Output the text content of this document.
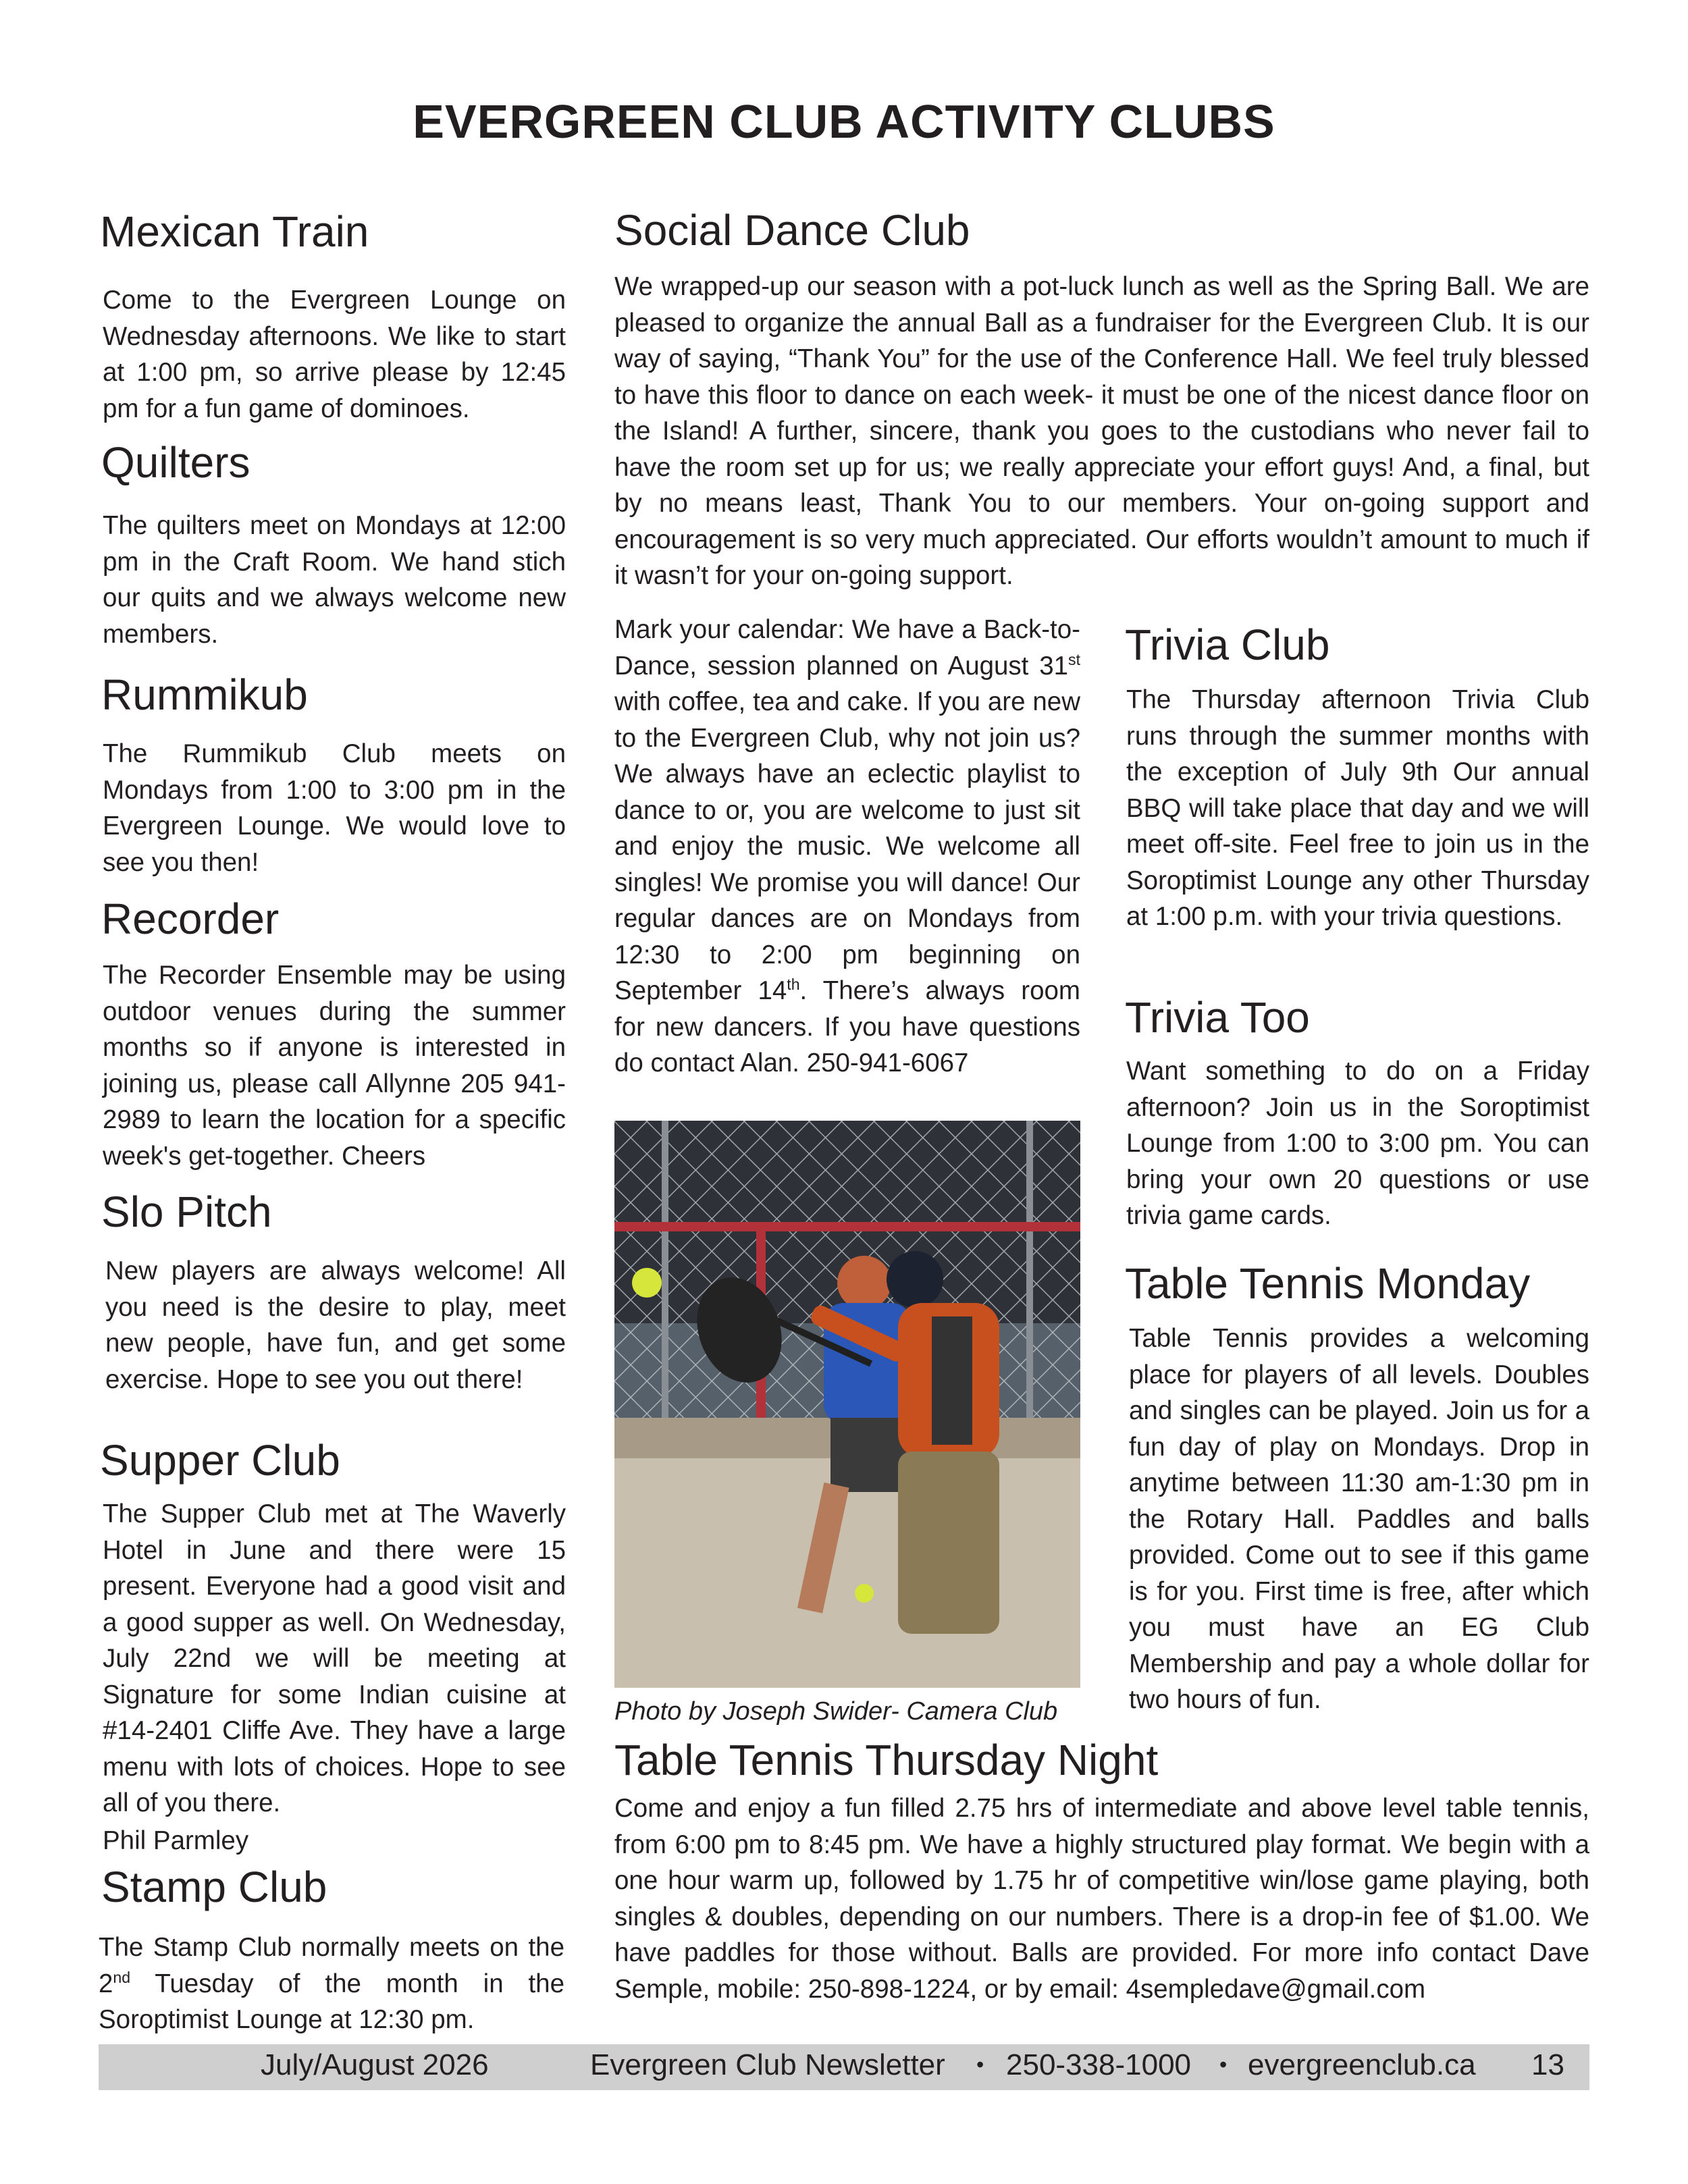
EVERGREEN CLUB ACTIVITY CLUBS
Mexican Train
Come to the Evergreen Lounge on Wednesday afternoons. We like to start at 1:00 pm, so arrive please by 12:45 pm for a fun game of dominoes.
Quilters
The quilters meet on Mondays at 12:00 pm in the Craft Room. We hand stich our quits and we always welcome new members.
Rummikub
The Rummikub Club meets on Mondays from 1:00 to 3:00 pm in the Evergreen Lounge. We would love to see you then!
Recorder
The Recorder Ensemble may be using outdoor venues during the summer months so if anyone is interested in joining us, please call Allynne 205 941-2989 to learn the location for a specific week's get-together. Cheers
Slo Pitch
New players are always welcome! All you need is the desire to play, meet new people, have fun, and get some exercise. Hope to see you out there!
Supper Club
The Supper Club met at The Waverly Hotel in June and there were 15 present. Everyone had a good visit and a good supper as well. On Wednesday, July 22nd we will be meeting at Signature for some Indian cuisine at #14-2401 Cliffe Ave. They have a large menu with lots of choices. Hope to see all of you there.
Phil Parmley
Stamp Club
The Stamp Club normally meets on the 2nd Tuesday of the month in the Soroptimist Lounge at 12:30 pm.
Social Dance Club
We wrapped-up our season with a pot-luck lunch as well as the Spring Ball. We are pleased to organize the annual Ball as a fundraiser for the Evergreen Club. It is our way of saying, “Thank You” for the use of the Conference Hall. We feel truly blessed to have this floor to dance on each week- it must be one of the nicest dance floor on the Island! A further, sincere, thank you goes to the custodians who never fail to have the room set up for us; we really appreciate your effort guys! And, a final, but by no means least, Thank You to our members. Your on-going support and encouragement is so very much appreciated. Our efforts wouldn’t amount to much if it wasn’t for your on-going support.
Mark your calendar: We have a Back-to-Dance, session planned on August 31st with coffee, tea and cake. If you are new to the Evergreen Club, why not join us? We always have an eclectic playlist to dance to or, you are welcome to just sit and enjoy the music. We welcome all singles! We promise you will dance! Our regular dances are on Mondays from 12:30 to 2:00 pm beginning on September 14th. There’s always room for new dancers. If you have questions do contact Alan. 250-941-6067
Photo by Joseph Swider- Camera Club
Trivia Club
The Thursday afternoon Trivia Club runs through the summer months with the exception of July 9th Our annual BBQ will take place that day and we will meet off-site. Feel free to join us in the Soroptimist Lounge any other Thursday at 1:00 p.m. with your trivia questions.
Trivia Too
Want something to do on a Friday afternoon? Join us in the Soroptimist Lounge from 1:00 to 3:00 pm. You can bring your own 20 questions or use trivia game cards.
Table Tennis Monday
Table Tennis provides a welcoming place for players of all levels. Doubles and singles can be played. Join us for a fun day of play on Mondays. Drop in anytime between 11:30 am-1:30 pm in the Rotary Hall. Paddles and balls provided. Come out to see if this game is for you. First time is free, after which you must have an EG Club Membership and pay a whole dollar for two hours of fun.
Table Tennis Thursday Night
Come and enjoy a fun filled 2.75 hrs of intermediate and above level table tennis, from 6:00 pm to 8:45 pm. We have a highly structured play format. We begin with a one hour warm up, followed by 1.75 hr of competitive win/lose game playing, both singles & doubles, depending on our numbers. There is a drop-in fee of $1.00. We have paddles for those without. Balls are provided. For more info contact Dave Semple, mobile: 250-898-1224, or by email: 4sempledave@gmail.com
July/August 2026	Evergreen Club Newsletter • 250-338-1000 • evergreenclub.ca 13
